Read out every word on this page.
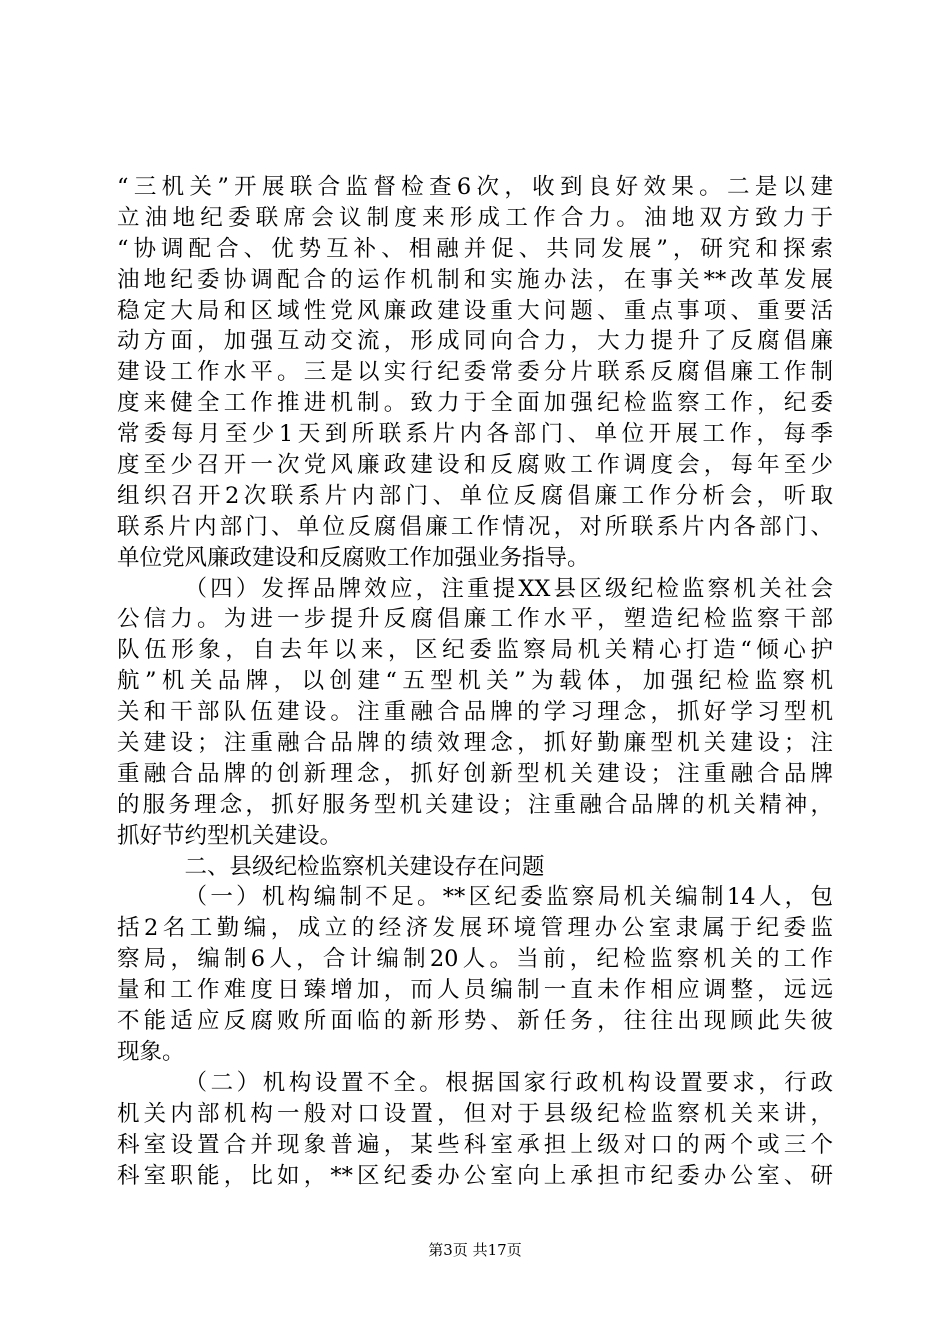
“三机关”开展联合监督检查6次，收到良好效果。二是以建
立油地纪委联席会议制度来形成工作合力。油地双方致力于
“协调配合、优势互补、相融并促、共同发展”，研究和探索
油地纪委协调配合的运作机制和实施办法，在事关**改革发展
稳定大局和区域性党风廉政建设重大问题、重点事项、重要活
动方面，加强互动交流，形成同向合力，大力提升了反腐倡廉
建设工作水平。三是以实行纪委常委分片联系反腐倡廉工作制
度来健全工作推进机制。致力于全面加强纪检监察工作，纪委
常委每月至少1天到所联系片内各部门、单位开展工作，每季
度至少召开一次党风廉政建设和反腐败工作调度会，每年至少
组织召开2次联系片内部门、单位反腐倡廉工作分析会，听取
联系片内部门、单位反腐倡廉工作情况，对所联系片内各部门、
单位党风廉政建设和反腐败工作加强业务指导。
（四）发挥品牌效应，注重提XX县区级纪检监察机关社会
公信力。为进一步提升反腐倡廉工作水平，塑造纪检监察干部
队伍形象，自去年以来，区纪委监察局机关精心打造“倾心护
航”机关品牌，以创建“五型机关”为载体，加强纪检监察机
关和干部队伍建设。注重融合品牌的学习理念，抓好学习型机
关建设；注重融合品牌的绩效理念，抓好勤廉型机关建设；注
重融合品牌的创新理念，抓好创新型机关建设；注重融合品牌
的服务理念，抓好服务型机关建设；注重融合品牌的机关精神，
抓好节约型机关建设。
二、县级纪检监察机关建设存在问题
（一）机构编制不足。**区纪委监察局机关编制14人，包
括2名工勤编，成立的经济发展环境管理办公室隶属于纪委监
察局，编制6人，合计编制20人。当前，纪检监察机关的工作
量和工作难度日臻增加，而人员编制一直未作相应调整，远远
不能适应反腐败所面临的新形势、新任务，往往出现顾此失彼
现象。
（二）机构设置不全。根据国家行政机构设置要求，行政
机关内部机构一般对口设置，但对于县级纪检监察机关来讲，
科室设置合并现象普遍，某些科室承担上级对口的两个或三个
科室职能，比如，**区纪委办公室向上承担市纪委办公室、研
第3页 共17页
